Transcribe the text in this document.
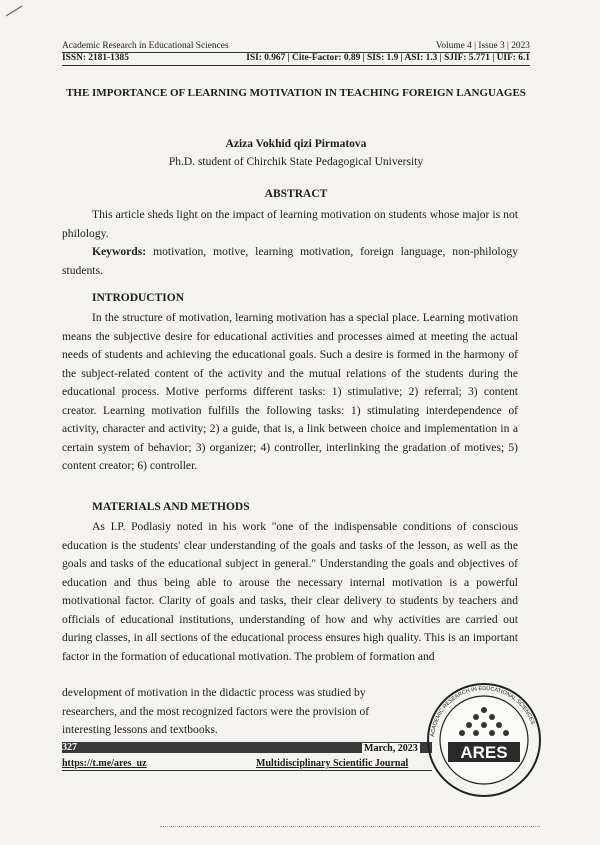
Academic Research in Educational Sciences	Volume 4 | Issue 3 | 2023
ISSN: 2181-1385	ISI: 0.967 | Cite-Factor: 0.89 | SIS: 1.9 | ASI: 1.3 | SJIF: 5.771 | UIF: 6.1
THE IMPORTANCE OF LEARNING MOTIVATION IN TEACHING FOREIGN LANGUAGES
Aziza Vokhid qizi Pirmatova
Ph.D. student of Chirchik State Pedagogical University
ABSTRACT

This article sheds light on the impact of learning motivation on students whose major is not philology.

Keywords: motivation, motive, learning motivation, foreign language, non-philology students.

INTRODUCTION

In the structure of motivation, learning motivation has a special place. Learning motivation means the subjective desire for educational activities and processes aimed at meeting the actual needs of students and achieving the educational goals. Such a desire is formed in the harmony of the subject-related content of the activity and the mutual relations of the students during the educational process. Motive performs different tasks: 1) stimulative; 2) referral; 3) content creator. Learning motivation fulfills the following tasks: 1) stimulating interdependence of activity, character and activity; 2) a guide, that is, a link between choice and implementation in a certain system of behavior; 3) organizer; 4) controller, interlinking the gradation of motives; 5) content creator; 6) controller.

MATERIALS AND METHODS

As I.P. Podlasiy noted in his work "one of the indispensable conditions of conscious education is the students' clear understanding of the goals and tasks of the lesson, as well as the goals and tasks of the educational subject in general." Understanding the goals and objectives of education and thus being able to arouse the necessary internal motivation is a powerful motivational factor. Clarity of goals and tasks, their clear delivery to students by teachers and officials of educational institutions, understanding of how and why activities are carried out during classes, in all sections of the educational process ensures high quality. This is an important factor in the formation of educational motivation. The problem of formation and

development of motivation in the didactic process was studied by researchers, and the most recognized factors were the provision of interesting lessons and textbooks.

327	March, 2023
https://t.me/ares_uz	Multidisciplinary Scientific Journal
ARES
ACADEMIC RESEARCH IN EDUCATIONAL SCIENCES
